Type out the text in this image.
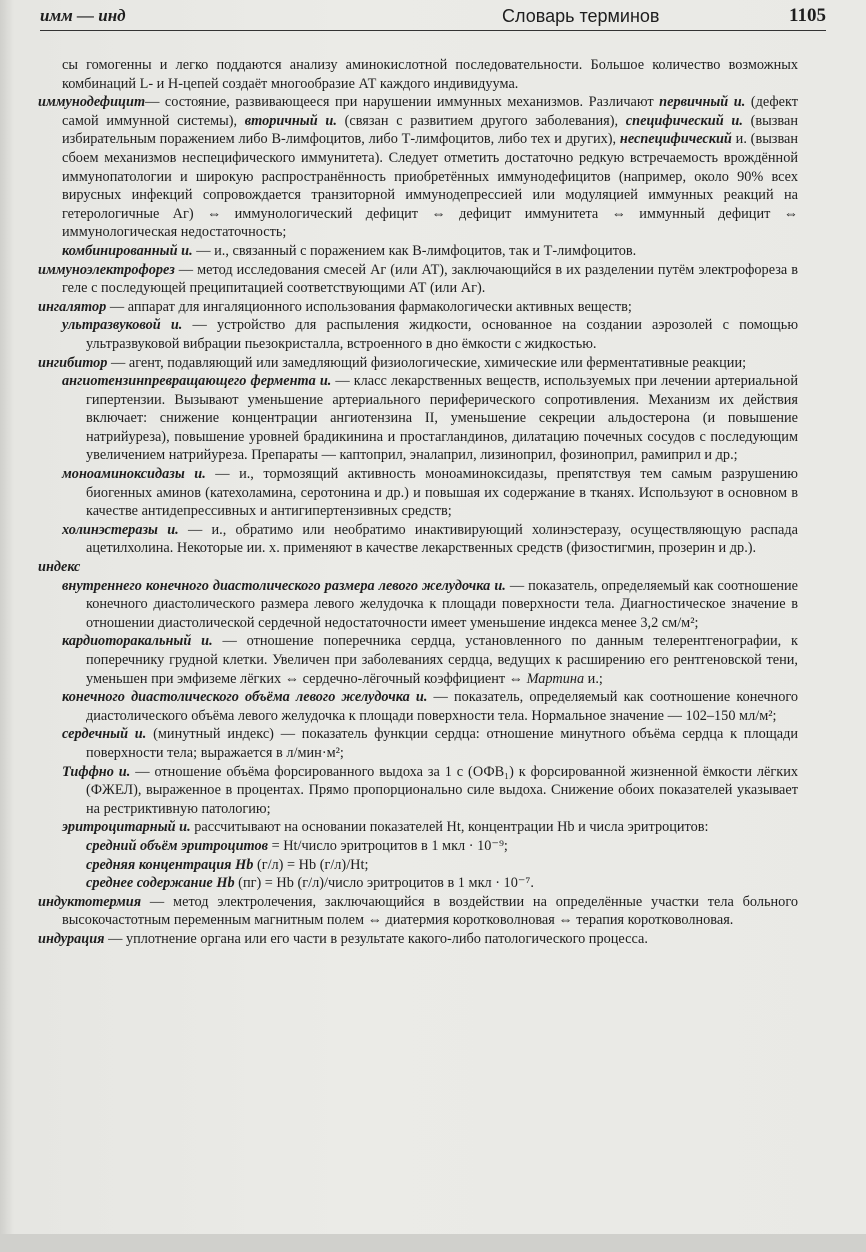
имм — инд	Словарь терминов	1105

сы гомогенны и легко поддаются анализу аминокислотной последовательности. Большое количество возможных комбинаций L- и H-цепей создаёт многообразие АТ каждого индивидуума.

иммунодефицит— состояние, развивающееся при нарушении иммунных механизмов. Различают первичный и. (дефект самой иммунной системы), вторичный и. (связан с развитием другого заболевания), специфический и. (вызван избирательным поражением либо В-лимфоцитов, либо Т-лимфоцитов, либо тех и других), неспецифический и. (вызван сбоем механизмов неспецифического иммунитета). Следует отметить достаточно редкую встречаемость врождённой иммунопатологии и широкую распространённость приобретённых иммунодефицитов (например, около 90% всех вирусных инфекций сопровождается транзиторной иммунодепрессией или модуляцией иммунных реакций на гетерологичные Аг) ⇔ иммунологический дефицит ⇔ дефицит иммунитета ⇔ иммунный дефицит ⇔ иммунологическая недостаточность;

комбинированный и. — и., связанный с поражением как В-лимфоцитов, так и Т-лимфоцитов.

иммуноэлектрофорез — метод исследования смесей Аг (или АТ), заключающийся в их разделении путём электрофореза в геле с последующей преципитацией соответствующими АТ (или Аг).

ингалятор — аппарат для ингаляционного использования фармакологически активных веществ;

ультразвуковой и. — устройство для распыления жидкости, основанное на создании аэрозолей с помощью ультразвуковой вибрации пьезокристалла, встроенного в дно ёмкости с жидкостью.

ингибитор — агент, подавляющий или замедляющий физиологические, химические или ферментативные реакции;

ангиотензинпревращающего фермента и. — класс лекарственных веществ, используемых при лечении артериальной гипертензии. Вызывают уменьшение артериального периферического сопротивления. Механизм их действия включает: снижение концентрации ангиотензина II, уменьшение секреции альдостерона (и повышение натрийуреза), повышение уровней брадикинина и простагландинов, дилатацию почечных сосудов с последующим увеличением натрийуреза. Препараты — каптоприл, эналаприл, лизиноприл, фозиноприл, рамиприл и др.;

моноаминоксидазы и. — и., тормозящий активность моноаминоксидазы, препятствуя тем самым разрушению биогенных аминов (катехоламина, серотонина и др.) и повышая их содержание в тканях. Используют в основном в качестве антидепрессивных и антигипертензивных средств;

холинэстеразы и. — и., обратимо или необратимо инактивирующий холинэстеразу, осуществляющую распада ацетилхолина. Некоторые ии. х. применяют в качестве лекарственных средств (физостигмин, прозерин и др.).

индекс

внутреннего конечного диастолического размера левого желудочка и. — показатель, определяемый как соотношение конечного диастолического размера левого желудочка к площади поверхности тела. Диагностическое значение в отношении диастолической сердечной недостаточности имеет уменьшение индекса менее 3,2 см/м²;

кардиоторакальный и. — отношение поперечника сердца, установленного по данным телерентгенографии, к поперечнику грудной клетки. Увеличен при заболеваниях сердца, ведущих к расширению его рентгеновской тени, уменьшен при эмфиземе лёгких ⇔ сердечно-лёгочный коэффициент ⇔ Мартина и.;

конечного диастолического объёма левого желудочка и. — показатель, определяемый как соотношение конечного диастолического объёма левого желудочка к площади поверхности тела. Нормальное значение — 102–150 мл/м²;

сердечный и. (минутный индекс) — показатель функции сердца: отношение минутного объёма сердца к площади поверхности тела; выражается в л/мин·м²;

Тиффно и. — отношение объёма форсированного выдоха за 1 с (ОФВ₁) к форсированной жизненной ёмкости лёгких (ФЖЕЛ), выраженное в процентах. Прямо пропорционально силе выдоха. Снижение обоих показателей указывает на рестриктивную патологию;

эритроцитарный и. рассчитывают на основании показателей Ht, концентрации Hb и числа эритроцитов:

средний объём эритроцитов = Ht/число эритроцитов в 1 мкл · 10⁻⁹;

средняя концентрация Hb (г/л) = Hb (г/л)/Ht;

среднее содержание Hb (пг) = Hb (г/л)/число эритроцитов в 1 мкл · 10⁻⁷.

индуктотермия — метод электролечения, заключающийся в воздействии на определённые участки тела больного высокочастотным переменным магнитным полем ⇔ диатермия коротковолновая ⇔ терапия коротковолновая.

индурация — уплотнение органа или его части в результате какого-либо патологического процесса.
